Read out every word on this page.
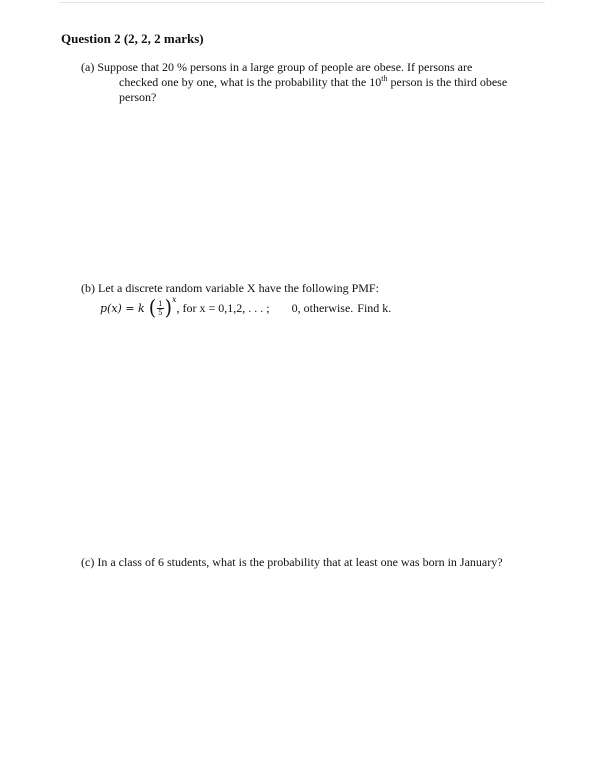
Question 2 (2, 2, 2 marks)
(a) Suppose that 20 % persons in a large group of people are obese. If persons are
checked one by one, what is the probability that the 10th person is the third obese
person?
(b) Let a discrete random variable X have the following PMF:
p(x) = k ( $\frac{1}{5}$ ) x
, for x = 0,1,2, . . . ; 0, otherwise. Find k.
(c) In a class of 6 students, what is the probability that at least one was born in January?
